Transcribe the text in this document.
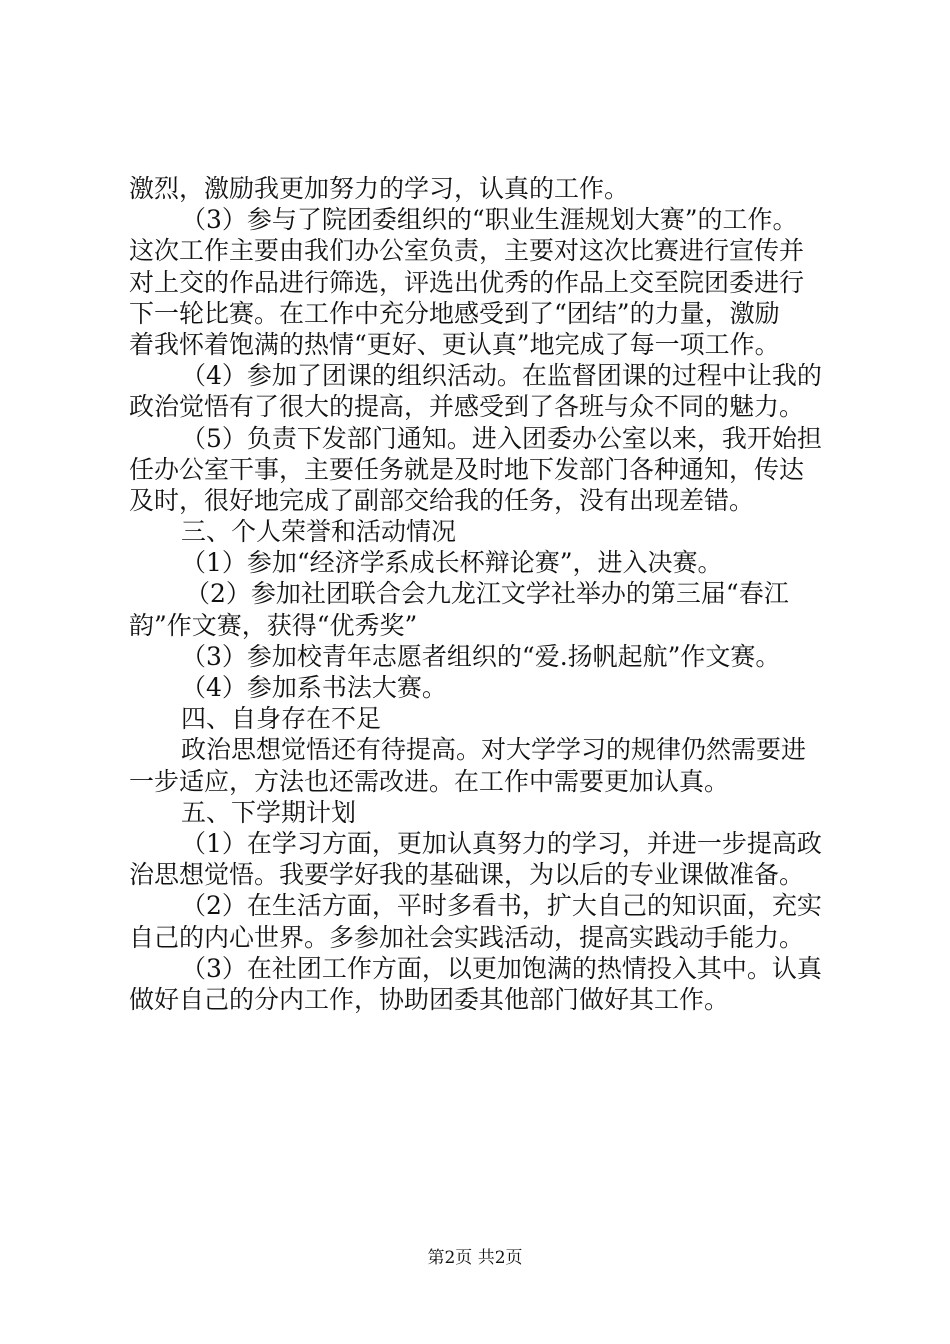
激烈，激励我更加努力的学习，认真的工作。
（3）参与了院团委组织的“职业生涯规划大赛”的工作。
这次工作主要由我们办公室负责，主要对这次比赛进行宣传并
对上交的作品进行筛选，评选出优秀的作品上交至院团委进行
下一轮比赛。在工作中充分地感受到了“团结”的力量，激励
着我怀着饱满的热情“更好、更认真”地完成了每一项工作。
（4）参加了团课的组织活动。在监督团课的过程中让我的
政治觉悟有了很大的提高，并感受到了各班与众不同的魅力。
（5）负责下发部门通知。进入团委办公室以来，我开始担
任办公室干事，主要任务就是及时地下发部门各种通知，传达
及时，很好地完成了副部交给我的任务，没有出现差错。
三、个人荣誉和活动情况
（1）参加“经济学系成长杯辩论赛”，进入决赛。
（2）参加社团联合会九龙江文学社举办的第三届“春江
韵”作文赛，获得“优秀奖”
（3）参加校青年志愿者组织的“爱.扬帆起航”作文赛。
（4）参加系书法大赛。
四、自身存在不足
政治思想觉悟还有待提高。对大学学习的规律仍然需要进
一步适应，方法也还需改进。在工作中需要更加认真。
五、下学期计划
（1）在学习方面，更加认真努力的学习，并进一步提高政
治思想觉悟。我要学好我的基础课，为以后的专业课做准备。
（2）在生活方面，平时多看书，扩大自己的知识面，充实
自己的内心世界。多参加社会实践活动，提高实践动手能力。
（3）在社团工作方面，以更加饱满的热情投入其中。认真
做好自己的分内工作，协助团委其他部门做好其工作。
第2页 共2页
